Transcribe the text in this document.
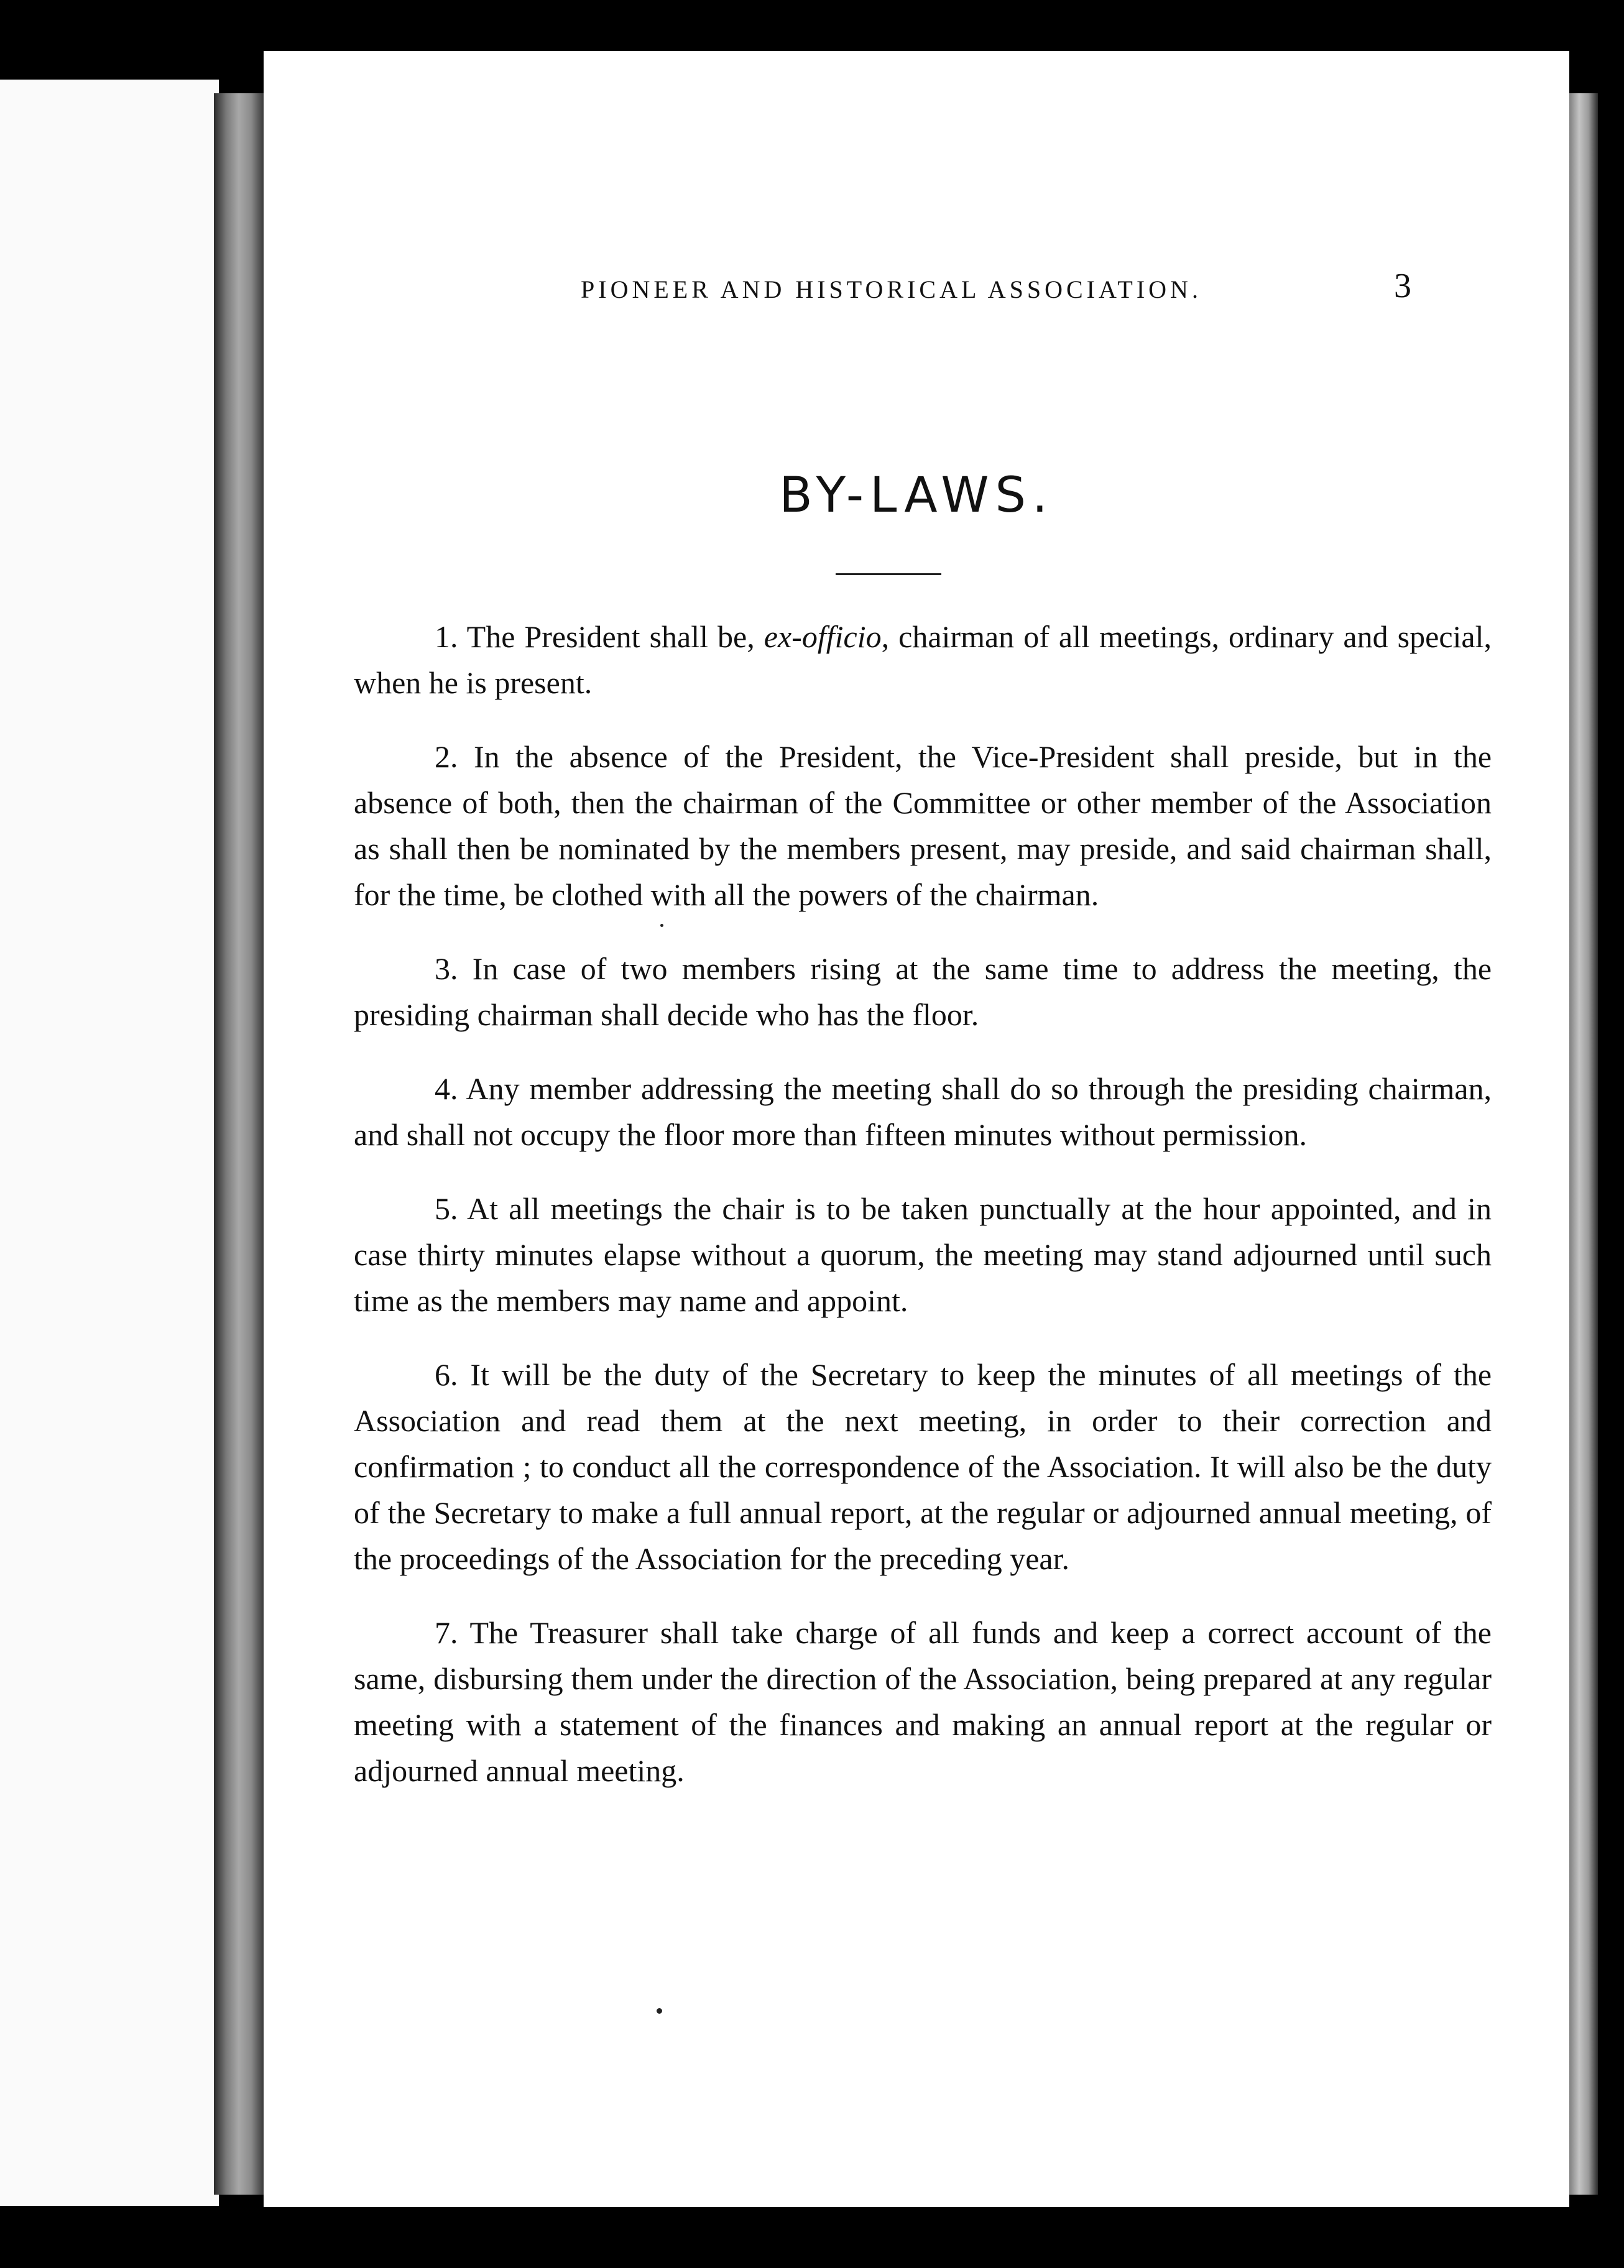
PIONEER AND HISTORICAL ASSOCIATION.	3
BY-LAWS.

1. The President shall be, ex-officio, chairman of all meetings, ordinary and special, when he is present.

2. In the absence of the President, the Vice-President shall preside, but in the absence of both, then the chairman of the Committee or other member of the Association as shall then be nominated by the members present, may preside, and said chairman shall, for the time, be clothed with all the powers of the chairman.

3. In case of two members rising at the same time to address the meeting, the presiding chairman shall decide who has the floor.

4. Any member addressing the meeting shall do so through the presiding chairman, and shall not occupy the floor more than fifteen minutes without permission.

5. At all meetings the chair is to be taken punctually at the hour appointed, and in case thirty minutes elapse without a quorum, the meeting may stand adjourned until such time as the members may name and appoint.

6. It will be the duty of the Secretary to keep the minutes of all meetings of the Association and read them at the next meeting, in order to their correction and confirmation ; to conduct all the correspondence of the Association. It will also be the duty of the Secretary to make a full annual report, at the regular or adjourned annual meeting, of the proceedings of the Association for the preceding year.

7. The Treasurer shall take charge of all funds and keep a correct account of the same, disbursing them under the direction of the Association, being prepared at any regular meeting with a statement of the finances and making an annual report at the regular or adjourned annual meeting.
